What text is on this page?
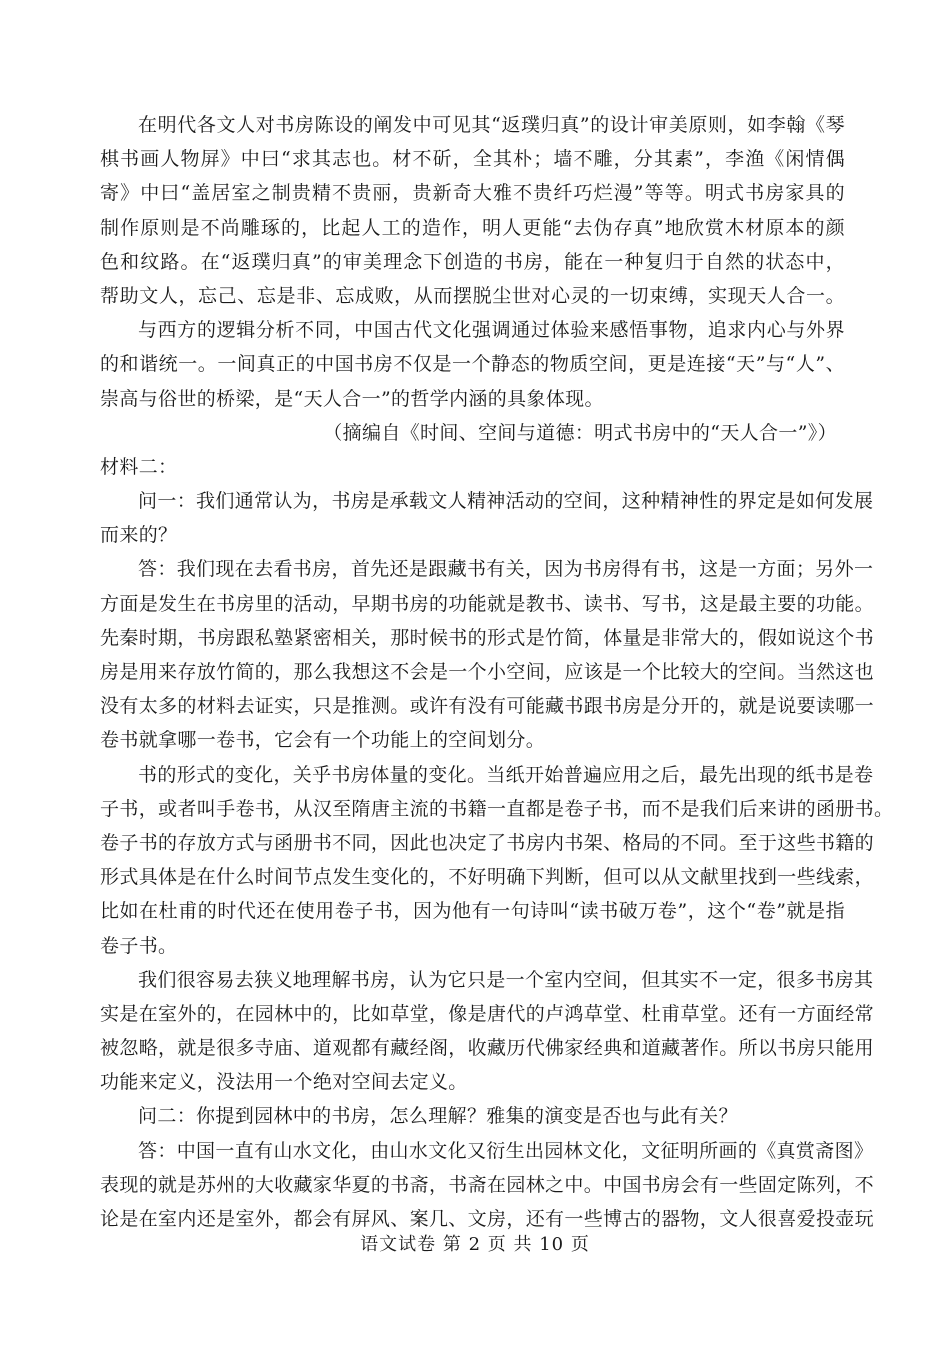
在明代各文人对书房陈设的阐发中可见其“返璞归真”的设计审美原则，如李翰《琴
棋书画人物屏》中曰“求其志也。材不斫，全其朴；墙不雕，分其素”，李渔《闲情偶
寄》中曰“盖居室之制贵精不贵丽，贵新奇大雅不贵纤巧烂漫”等等。明式书房家具的
制作原则是不尚雕琢的，比起人工的造作，明人更能“去伪存真”地欣赏木材原本的颜
色和纹路。在“返璞归真”的审美理念下创造的书房，能在一种复归于自然的状态中，
帮助文人，忘己、忘是非、忘成败，从而摆脱尘世对心灵的一切束缚，实现天人合一。
与西方的逻辑分析不同，中国古代文化强调通过体验来感悟事物，追求内心与外界
的和谐统一。一间真正的中国书房不仅是一个静态的物质空间，更是连接“天”与“人”、
崇高与俗世的桥梁，是“天人合一”的哲学内涵的具象体现。
（摘编自《时间、空间与道德：明式书房中的“天人合一”》）
材料二：
问一：我们通常认为，书房是承载文人精神活动的空间，这种精神性的界定是如何发展
而来的？
答：我们现在去看书房，首先还是跟藏书有关，因为书房得有书，这是一方面；另外一
方面是发生在书房里的活动，早期书房的功能就是教书、读书、写书，这是最主要的功能。
先秦时期，书房跟私塾紧密相关，那时候书的形式是竹简，体量是非常大的，假如说这个书
房是用来存放竹简的，那么我想这不会是一个小空间，应该是一个比较大的空间。当然这也
没有太多的材料去证实，只是推测。或许有没有可能藏书跟书房是分开的，就是说要读哪一
卷书就拿哪一卷书，它会有一个功能上的空间划分。
书的形式的变化，关乎书房体量的变化。当纸开始普遍应用之后，最先出现的纸书是卷
子书，或者叫手卷书，从汉至隋唐主流的书籍一直都是卷子书，而不是我们后来讲的函册书。
卷子书的存放方式与函册书不同，因此也决定了书房内书架、格局的不同。至于这些书籍的
形式具体是在什么时间节点发生变化的，不好明确下判断，但可以从文献里找到一些线索，
比如在杜甫的时代还在使用卷子书，因为他有一句诗叫“读书破万卷”，这个“卷”就是指
卷子书。
我们很容易去狭义地理解书房，认为它只是一个室内空间，但其实不一定，很多书房其
实是在室外的，在园林中的，比如草堂，像是唐代的卢鸿草堂、杜甫草堂。还有一方面经常
被忽略，就是很多寺庙、道观都有藏经阁，收藏历代佛家经典和道藏著作。所以书房只能用
功能来定义，没法用一个绝对空间去定义。
问二：你提到园林中的书房，怎么理解？雅集的演变是否也与此有关？
答：中国一直有山水文化，由山水文化又衍生出园林文化，文征明所画的《真赏斋图》
表现的就是苏州的大收藏家华夏的书斋，书斋在园林之中。中国书房会有一些固定陈列，不
论是在室内还是室外，都会有屏风、案几、文房，还有一些博古的器物，文人很喜爱投壶玩
语文试卷 第 2 页 共 10 页
